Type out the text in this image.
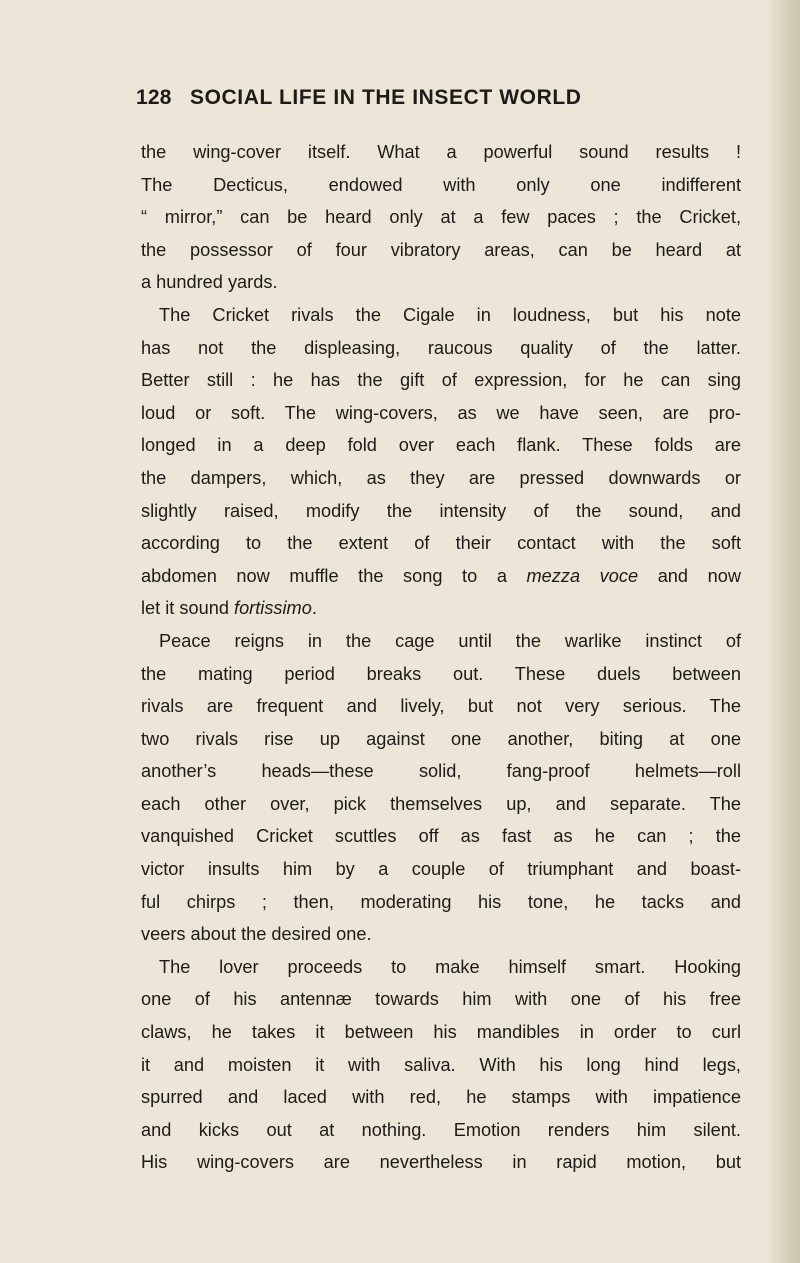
128 SOCIAL LIFE IN THE INSECT WORLD
the wing-cover itself. What a powerful sound results !
The Decticus, endowed with only one indifferent
“ mirror,” can be heard only at a few paces ; the Cricket,
the possessor of four vibratory areas, can be heard at
a hundred yards.
The Cricket rivals the Cigale in loudness, but his note
has not the displeasing, raucous quality of the latter.
Better still : he has the gift of expression, for he can sing
loud or soft. The wing-covers, as we have seen, are pro-
longed in a deep fold over each flank. These folds are
the dampers, which, as they are pressed downwards or
slightly raised, modify the intensity of the sound, and
according to the extent of their contact with the soft
abdomen now muffle the song to a mezza voce and now
let it sound fortissimo.
Peace reigns in the cage until the warlike instinct of
the mating period breaks out. These duels between
rivals are frequent and lively, but not very serious. The
two rivals rise up against one another, biting at one
another’s heads—these solid, fang-proof helmets—roll
each other over, pick themselves up, and separate. The
vanquished Cricket scuttles off as fast as he can ; the
victor insults him by a couple of triumphant and boast-
ful chirps ; then, moderating his tone, he tacks and
veers about the desired one.
The lover proceeds to make himself smart. Hooking
one of his antennæ towards him with one of his free
claws, he takes it between his mandibles in order to curl
it and moisten it with saliva. With his long hind legs,
spurred and laced with red, he stamps with impatience
and kicks out at nothing. Emotion renders him silent.
His wing-covers are nevertheless in rapid motion, but
